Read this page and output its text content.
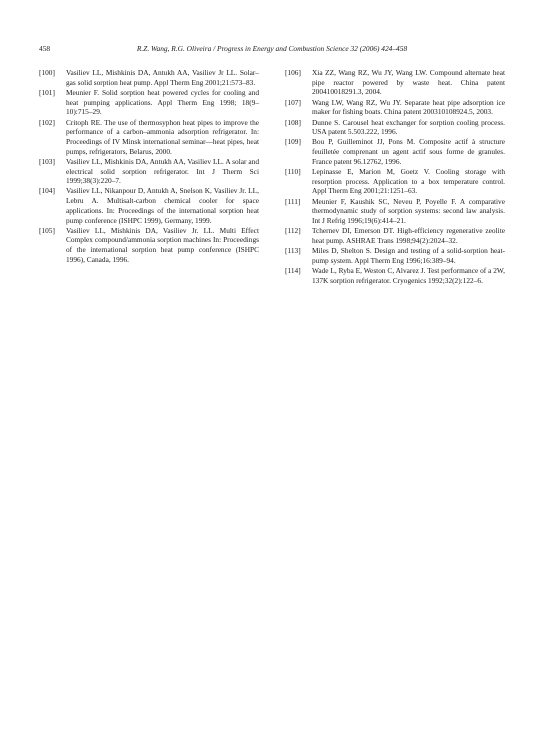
458	R.Z. Wang, R.G. Oliveira / Progress in Energy and Combustion Science 32 (2006) 424–458
[100] Vasiliev LL, Mishkinis DA, Antukh AA, Vasiliev Jr LL. Solar–gas solid sorption heat pump. Appl Therm Eng 2001;21:573–83.
[101] Meunier F. Solid sorption heat powered cycles for cooling and heat pumping applications. Appl Therm Eng 1998; 18(9–10):715–29.
[102] Critoph RE. The use of thermosyphon heat pipes to improve the performance of a carbon–ammonia adsorption refrigerator. In: Proceedings of IV Minsk international seminar—heat pipes, heat pumps, refrigerators, Belarus, 2000.
[103] Vasiliev LL, Mishkinis DA, Antukh AA, Vasiliev LL. A solar and electrical solid sorption refrigerator. Int J Therm Sci 1999;38(3):220–7.
[104] Vasiliev LL, Nikanpour D, Antukh A, Snelson K, Vasiliev Jr. LL, Lebru A. Multisalt-carbon chemical cooler for space applications. In: Proceedings of the international sorption heat pump conference (ISHPC 1999), Germany, 1999.
[105] Vasiliev LL, Mishkinis DA, Vasiliev Jr. LL. Multi Effect Complex compound/ammonia sorption machines In: Proceedings of the international sorption heat pump conference (ISHPC 1996), Canada, 1996.
[106] Xia ZZ, Wang RZ, Wu JY, Wang LW. Compound alternate heat pipe reactor powered by waste heat. China patent 200410018291.3, 2004.
[107] Wang LW, Wang RZ, Wu JY. Separate heat pipe adsorption ice maker for fishing boats. China patent 200310108924.5, 2003.
[108] Dunne S. Carousel heat exchanger for sorption cooling process. USA patent 5.503.222, 1996.
[109] Bou P, Guilleminot JJ, Pons M. Composite actif à structure feuilletée comprenant un agent actif sous forme de granules. France patent 96.12762, 1996.
[110] Lepinasse E, Marion M, Goetz V. Cooling storage with resorption process. Application to a box temperature control. Appl Therm Eng 2001;21:1251–63.
[111] Meunier F, Kaushik SC, Neveu P, Poyelle F. A comparative thermodynamic study of sorption systems: second law analysis. Int J Refrig 1996;19(6):414–21.
[112] Tchernev DI, Emerson DT. High-efficiency regenerative zeolite heat pump. ASHRAE Trans 1998;94(2):2024–32.
[113] Miles D, Shelton S. Design and testing of a solid-sorption heat-pump system. Appl Therm Eng 1996;16:389–94.
[114] Wade L, Ryba E, Weston C, Alvarez J. Test performance of a 2W, 137K sorption refrigerator. Cryogenics 1992;32(2):122–6.
